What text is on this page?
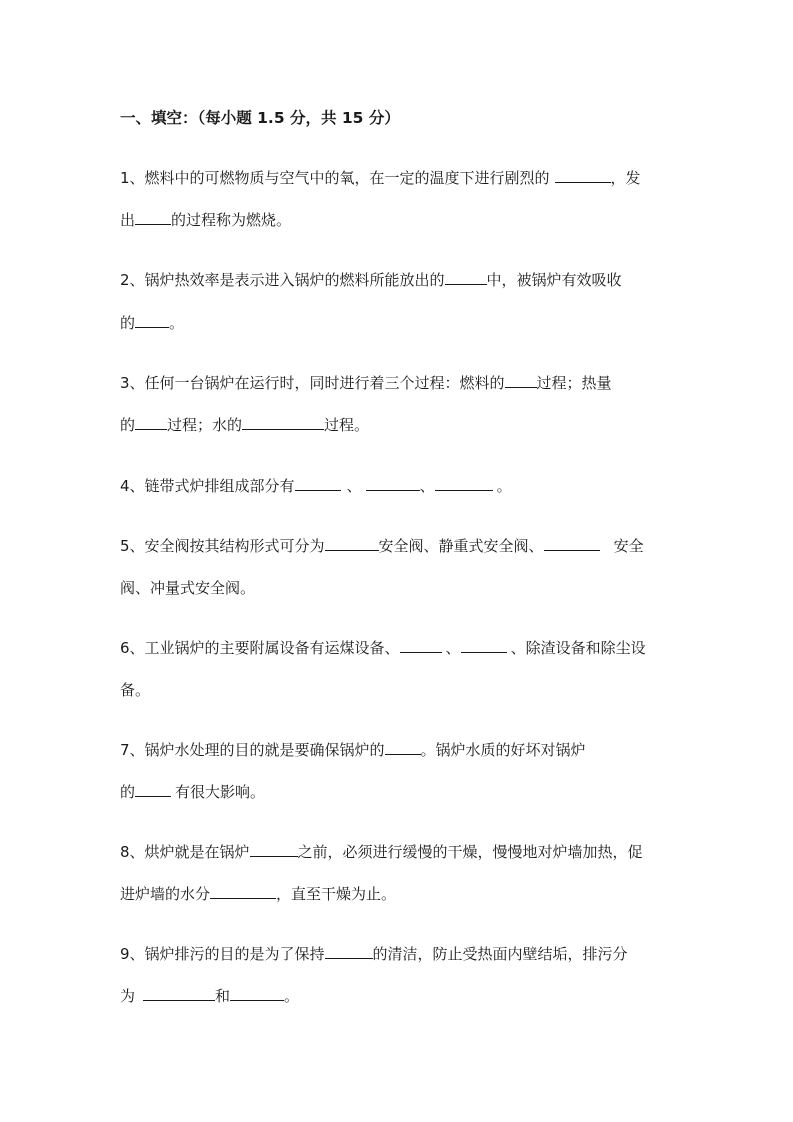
一、填空：（每小题 1.5 分，共 15 分）
1、燃料中的可燃物质与空气中的氧，在一定的温度下进行剧烈的	，发
出 的过程称为燃烧。
2、锅炉热效率是表示进入锅炉的燃料所能放出的	中，被锅炉有效吸收
的 。
3、任何一台锅炉在运行时，同时进行着三个过程：燃料的 过程；热量
的 过程；水的	过程。
4、链带式炉排组成部分有	、	、	。
5、安全阀按其结构形式可分为	安全阀、静重式安全阀、	安全
阀、冲量式安全阀。
6、工业锅炉的主要附属设备有运煤设备、	、	、除渣设备和除尘设
备。
7、锅炉水处理的目的就是要确保锅炉的 。锅炉水质的好坏对锅炉
的	有很大影响。
8、烘炉就是在锅炉	之前，必须进行缓慢的干燥，慢慢地对炉墙加热，促
进炉墙的水分	，直至干燥为止。
9、锅炉排污的目的是为了保持	的清洁，防止受热面内壁结垢，排污分
为	和	。
